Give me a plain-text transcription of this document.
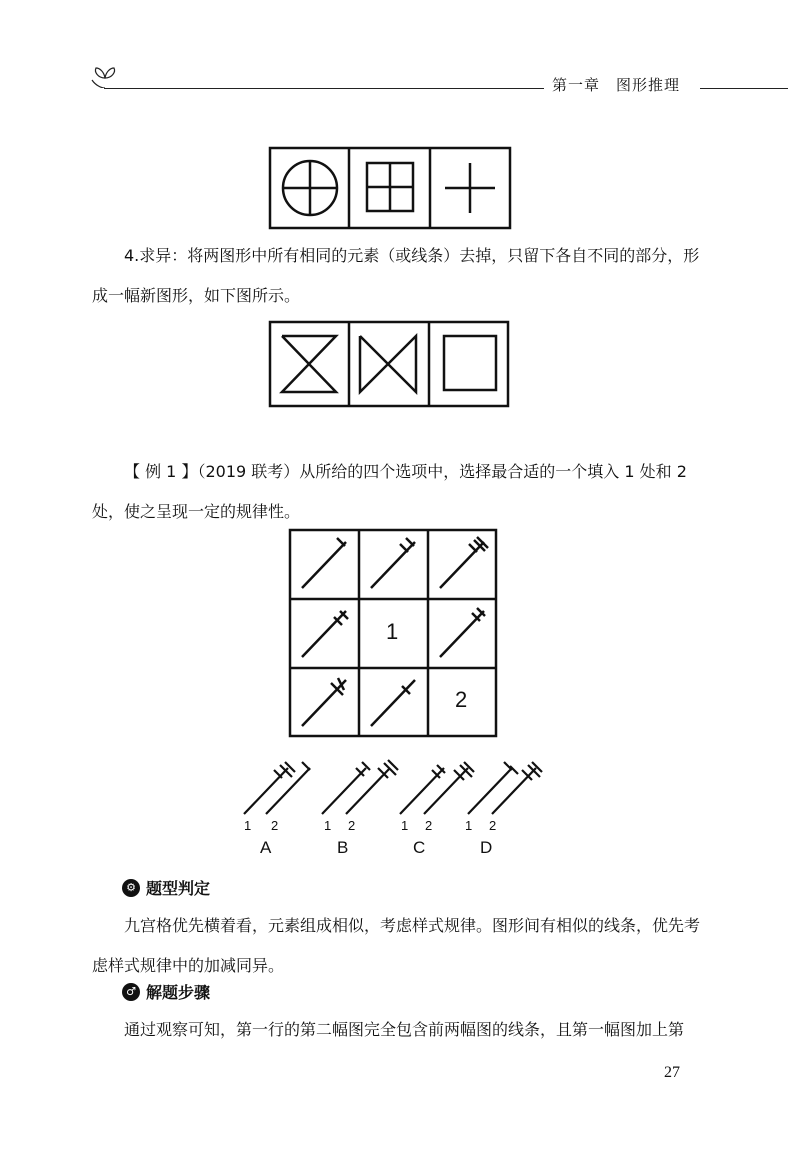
第一章　图形推理

4.求异：将两图形中所有相同的元素（或线条）去掉，只留下各自不同的部分，形成一幅新图形，如下图所示。

【 例 1 】（2019 联考）从所给的四个选项中，选择最合适的一个填入 1 处和 2 处，使之呈现一定的规律性。

1
2
1 2	1 2	1 2	1 2
A	B	C	D
⚙ 题型判定

九宫格优先横着看，元素组成相似，考虑样式规律。图形间有相似的线条，优先考虑样式规律中的加减同异。

♂ 解题步骤

通过观察可知，第一行的第二幅图完全包含前两幅图的线条，且第一幅图加上第

27
